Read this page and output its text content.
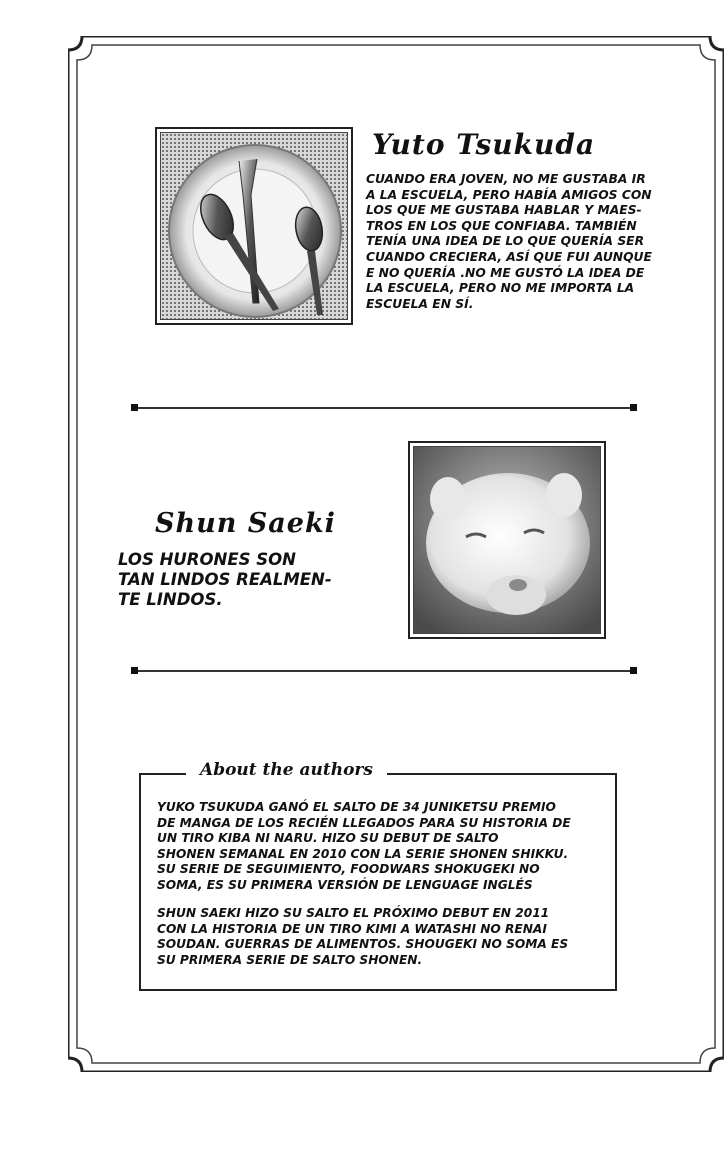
Yuto Tsukuda
CUANDO ERA JOVEN, NO ME GUSTABA IR
A LA ESCUELA, PERO HABÍA AMIGOS CON
LOS QUE ME GUSTABA HABLAR Y MAES-
TROS EN LOS QUE CONFIABA. TAMBIÉN
TENÍA UNA IDEA DE LO QUE QUERÍA SER
CUANDO CRECIERA, ASÍ QUE FUI AUNQUE
E NO QUERÍA .NO ME GUSTÓ LA IDEA DE
LA ESCUELA, PERO NO ME IMPORTA LA
ESCUELA EN SÍ.
Shun Saeki
LOS HURONES SON
TAN LINDOS REALMEN-
TE LINDOS.
About the authors
YUKO TSUKUDA GANÓ EL SALTO DE 34 JUNIKETSU PREMIO
DE MANGA DE LOS RECIÉN LLEGADOS PARA SU HISTORIA DE
UN TIRO KIBA NI NARU. HIZO SU DEBUT DE SALTO
SHONEN SEMANAL EN 2010 CON LA SERIE SHONEN SHIKKU.
SU SERIE DE SEGUIMIENTO, FOODWARS SHOKUGEKI NO
SOMA, ES SU PRIMERA VERSIÓN DE LENGUAGE INGLÉS
SHUN SAEKI HIZO SU SALTO EL PRÓXIMO DEBUT EN 2011
CON LA HISTORIA DE UN TIRO KIMI A WATASHI NO RENAI
SOUDAN. GUERRAS DE ALIMENTOS. SHOUGEKI NO SOMA ES
SU PRIMERA SERIE DE SALTO SHONEN.
